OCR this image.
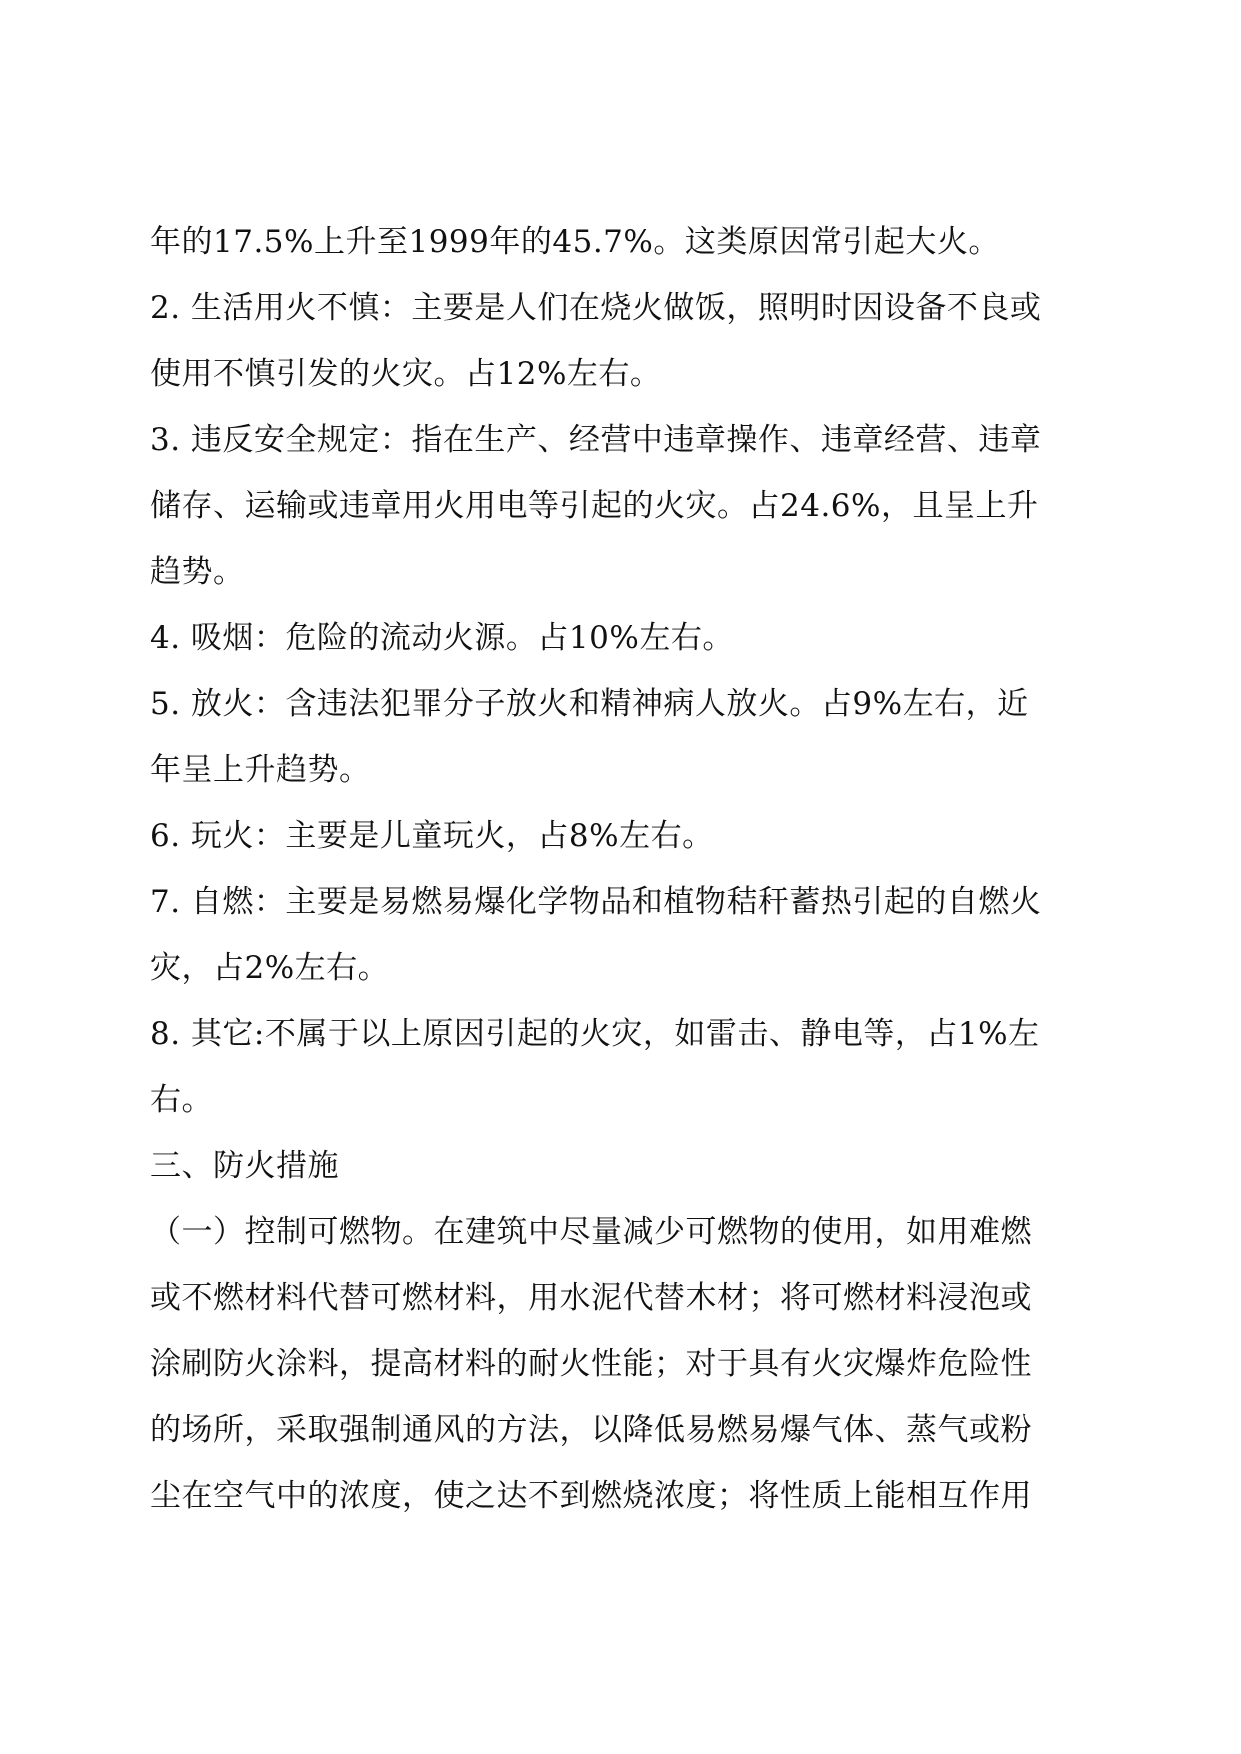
年的17.5%上升至1999年的45.7%。这类原因常引起大火。
2. 生活用火不慎：主要是人们在烧火做饭，照明时因设备不良或
使用不慎引发的火灾。占12%左右。
3. 违反安全规定：指在生产、经营中违章操作、违章经营、违章
储存、运输或违章用火用电等引起的火灾。占24.6%，且呈上升
趋势。
4. 吸烟：危险的流动火源。占10%左右。
5. 放火：含违法犯罪分子放火和精神病人放火。占9%左右，近
年呈上升趋势。
6. 玩火：主要是儿童玩火，占8%左右。
7. 自燃：主要是易燃易爆化学物品和植物秸秆蓄热引起的自燃火
灾，占2%左右。
8. 其它:不属于以上原因引起的火灾，如雷击、静电等，占1%左
右。
三、防火措施
（一）控制可燃物。在建筑中尽量减少可燃物的使用，如用难燃
或不燃材料代替可燃材料，用水泥代替木材；将可燃材料浸泡或
涂刷防火涂料，提高材料的耐火性能；对于具有火灾爆炸危险性
的场所，采取强制通风的方法，以降低易燃易爆气体、蒸气或粉
尘在空气中的浓度，使之达不到燃烧浓度；将性质上能相互作用
